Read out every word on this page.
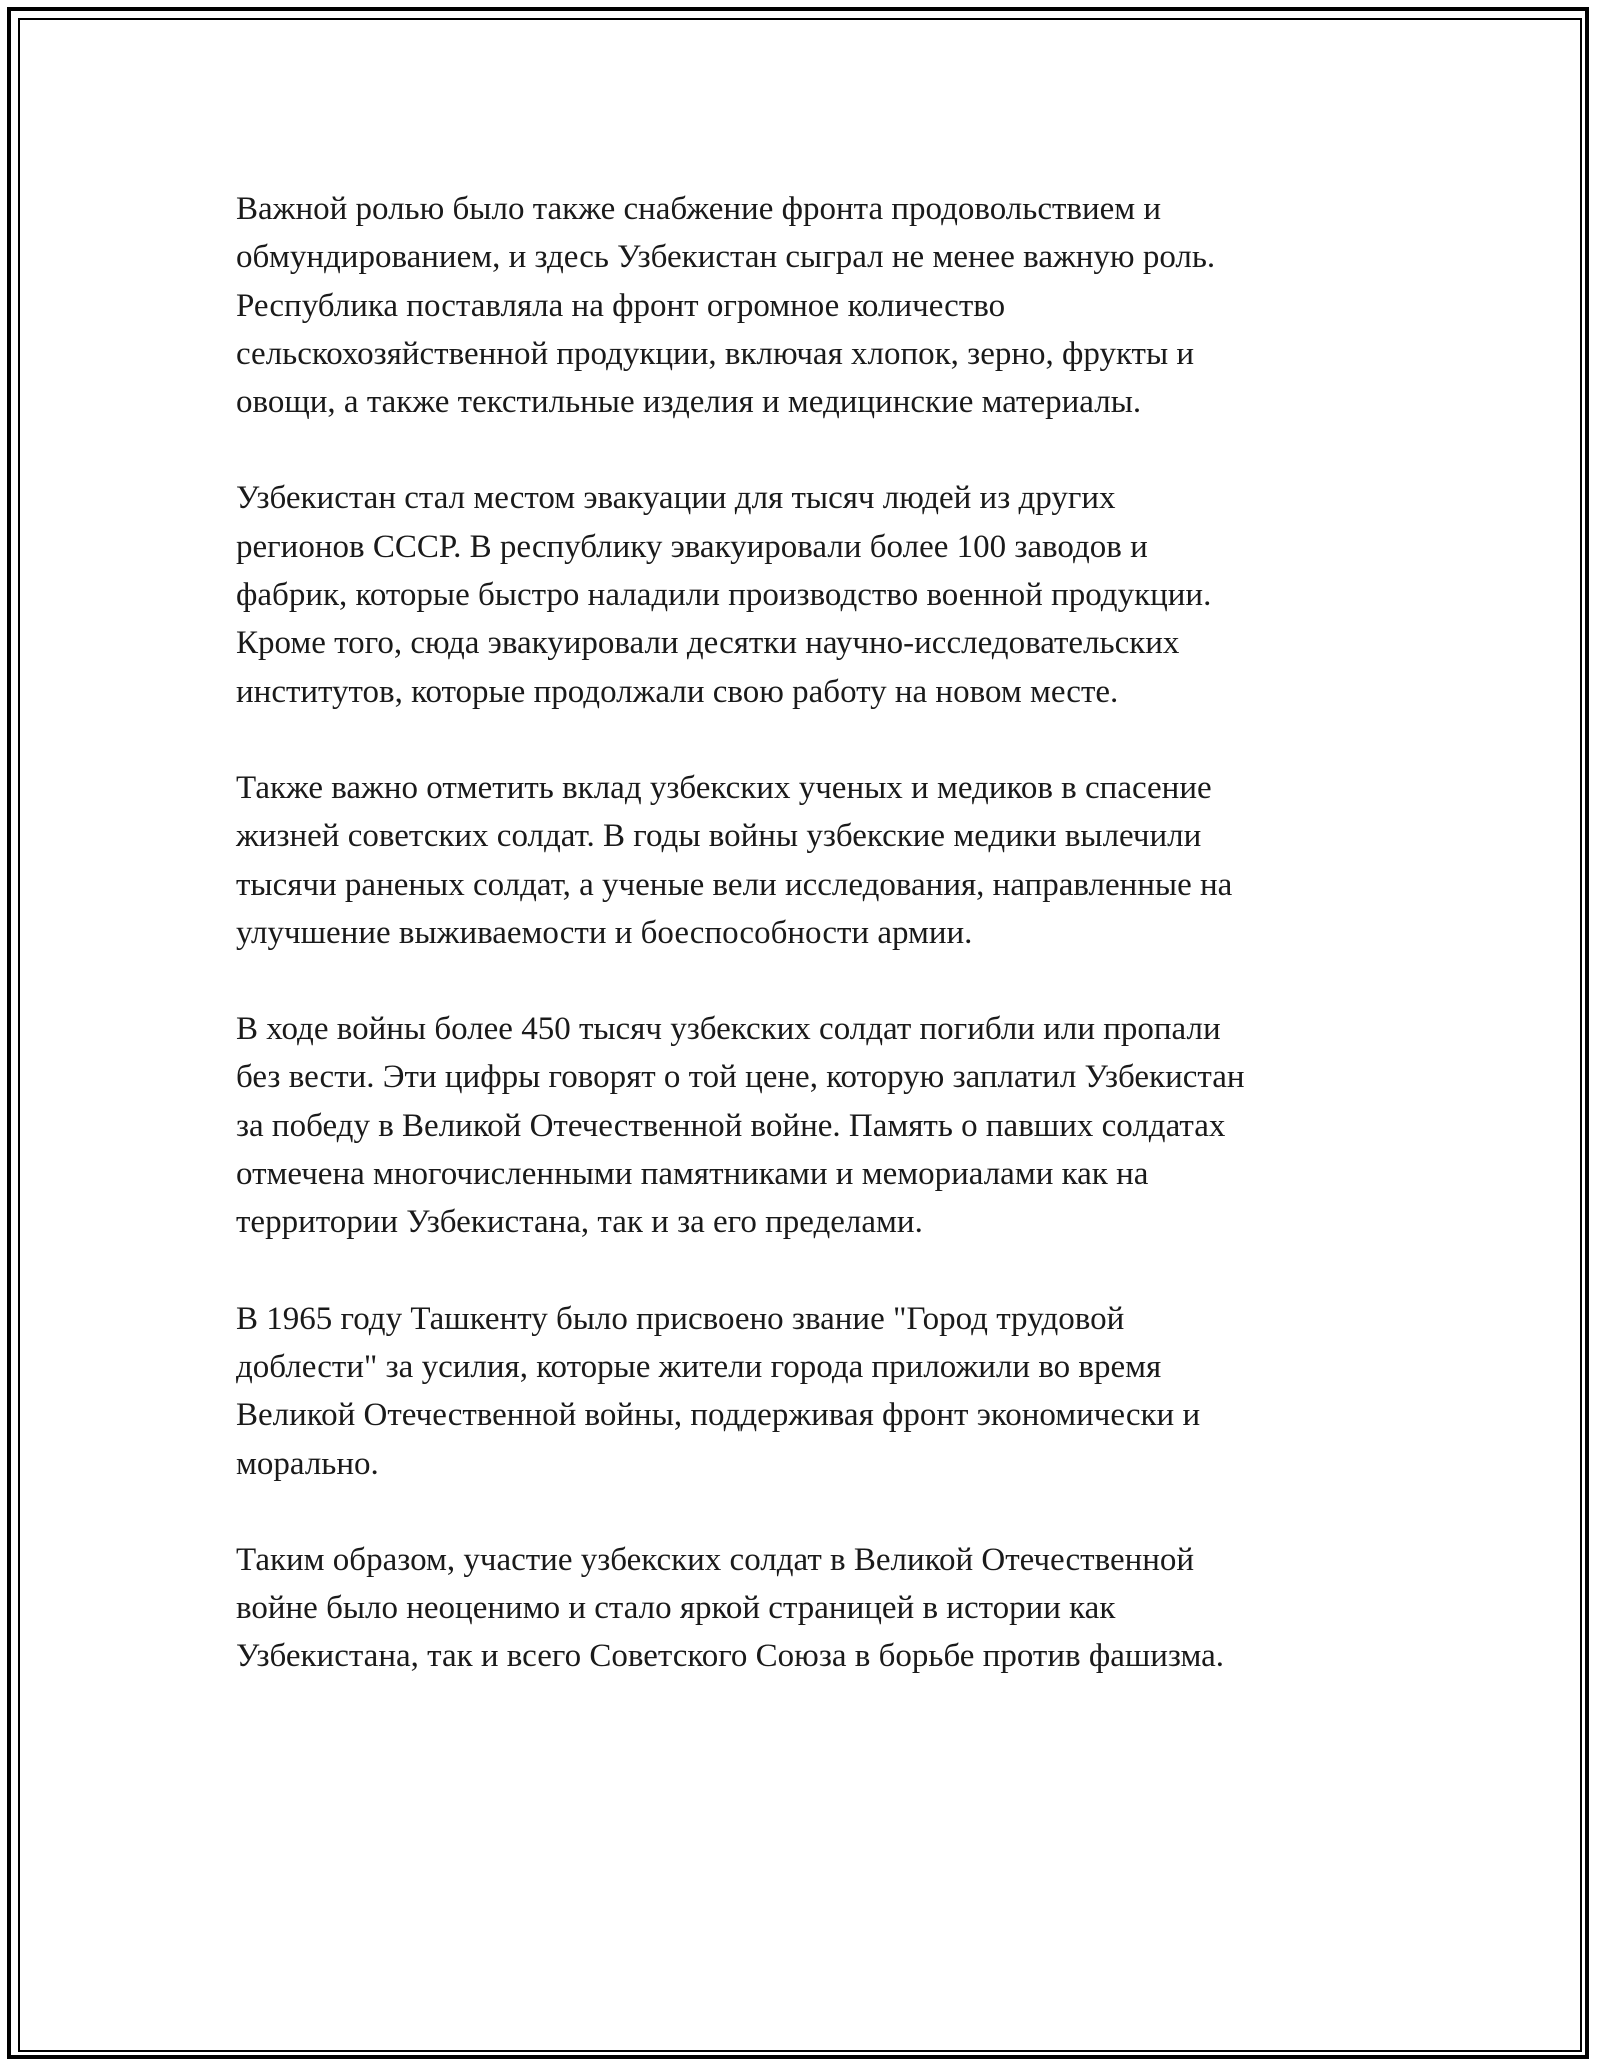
Важной ролью было также снабжение фронта продовольствием и
обмундированием, и здесь Узбекистан сыграл не менее важную роль.
Республика поставляла на фронт огромное количество
сельскохозяйственной продукции, включая хлопок, зерно, фрукты и
овощи, а также текстильные изделия и медицинские материалы.

Узбекистан стал местом эвакуации для тысяч людей из других
регионов СССР. В республику эвакуировали более 100 заводов и
фабрик, которые быстро наладили производство военной продукции.
Кроме того, сюда эвакуировали десятки научно-исследовательских
институтов, которые продолжали свою работу на новом месте.

Также важно отметить вклад узбекских ученых и медиков в спасение
жизней советских солдат. В годы войны узбекские медики вылечили
тысячи раненых солдат, а ученые вели исследования, направленные на
улучшение выживаемости и боеспособности армии.

В ходе войны более 450 тысяч узбекских солдат погибли или пропали
без вести. Эти цифры говорят о той цене, которую заплатил Узбекистан
за победу в Великой Отечественной войне. Память о павших солдатах
отмечена многочисленными памятниками и мемориалами как на
территории Узбекистана, так и за его пределами.

В 1965 году Ташкенту было присвоено звание "Город трудовой
доблести" за усилия, которые жители города приложили во время
Великой Отечественной войны, поддерживая фронт экономически и
морально.

Таким образом, участие узбекских солдат в Великой Отечественной
войне было неоценимо и стало яркой страницей в истории как
Узбекистана, так и всего Советского Союза в борьбе против фашизма.
